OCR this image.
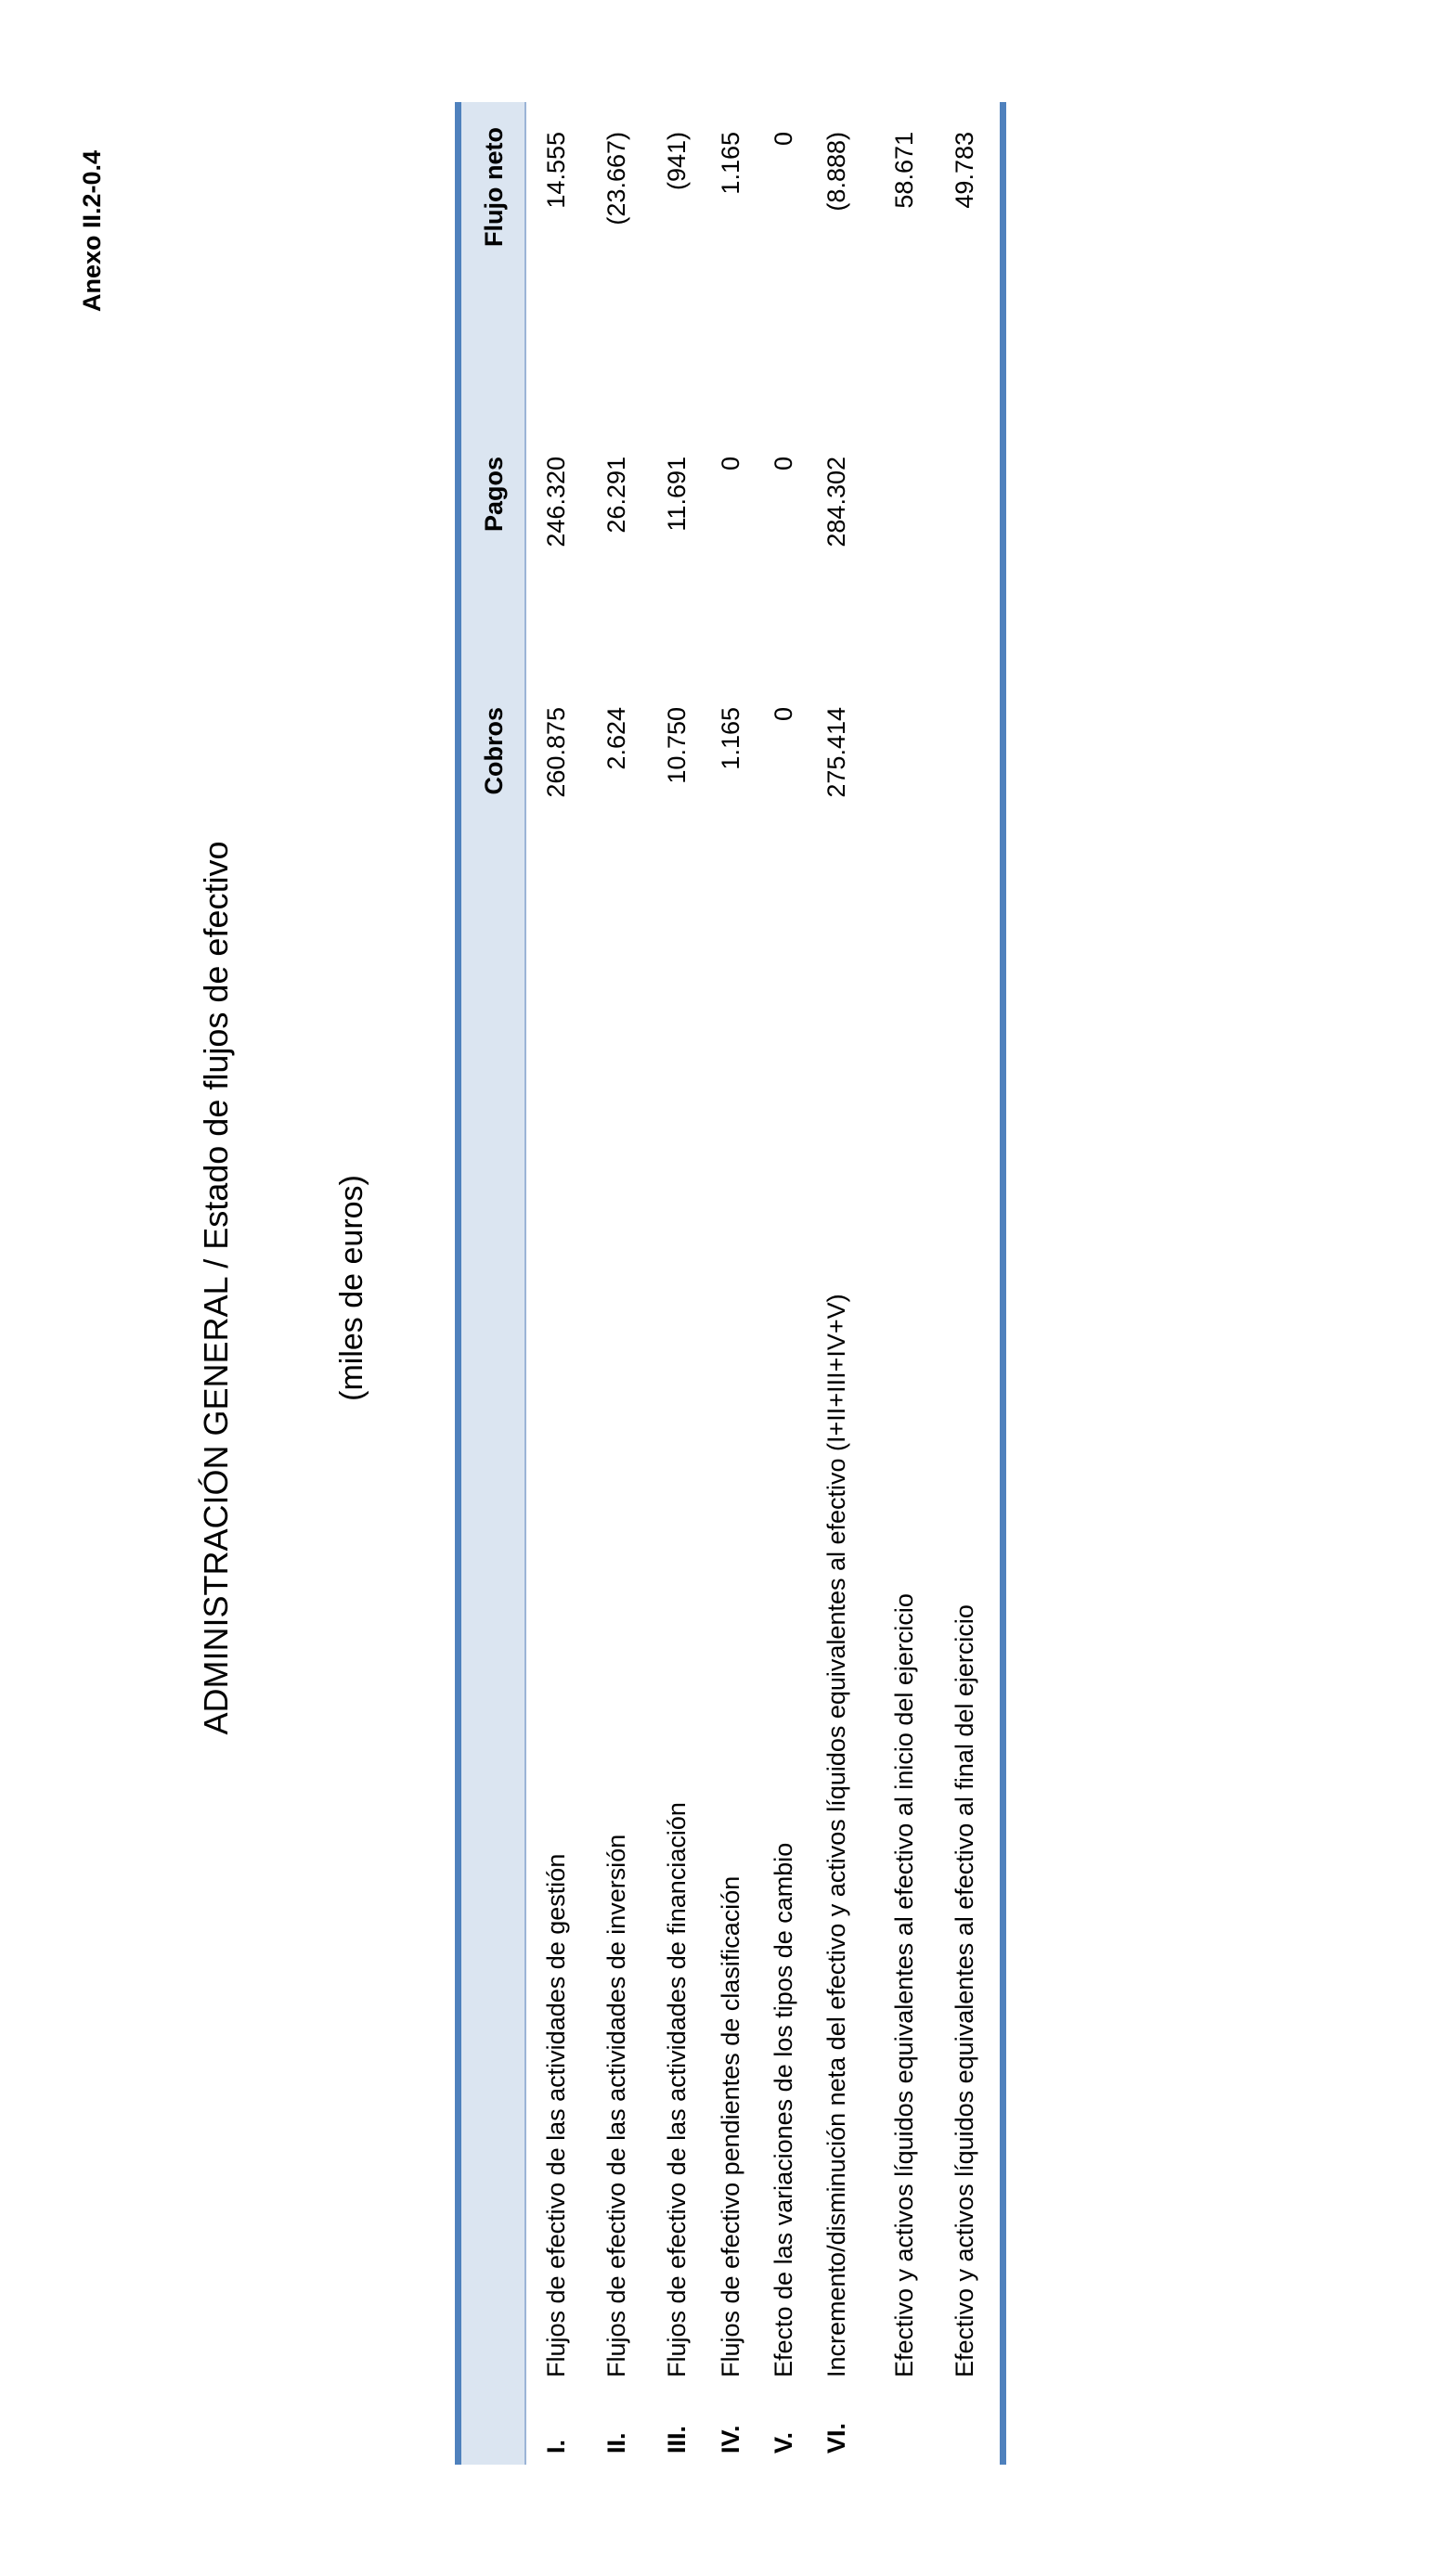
Anexo II.2-0.4
ADMINISTRACIÓN GENERAL / Estado de flujos de efectivo	(miles de euros)
Cobros
Pagos
Flujo neto
I.
Flujos de efectivo de las actividades de gestión
260.875
246.320
14.555
II.
Flujos de efectivo de las actividades de inversión
2.624
26.291
(23.667)
III.
Flujos de efectivo de las actividades de financiación
10.750
11.691
(941)
IV.
Flujos de efectivo pendientes de clasificación
1.165
0
1.165
V.
Efecto de las variaciones de los tipos de cambio
0
0
0
VI.
Incremento/disminución neta del efectivo y activos líquidos equivalentes al efectivo (I+II+III+IV+V)
275.414
284.302
(8.888)
Efectivo y activos líquidos equivalentes al efectivo al inicio del ejercicio
58.671
Efectivo y activos líquidos equivalentes al efectivo al final del ejercicio
49.783
